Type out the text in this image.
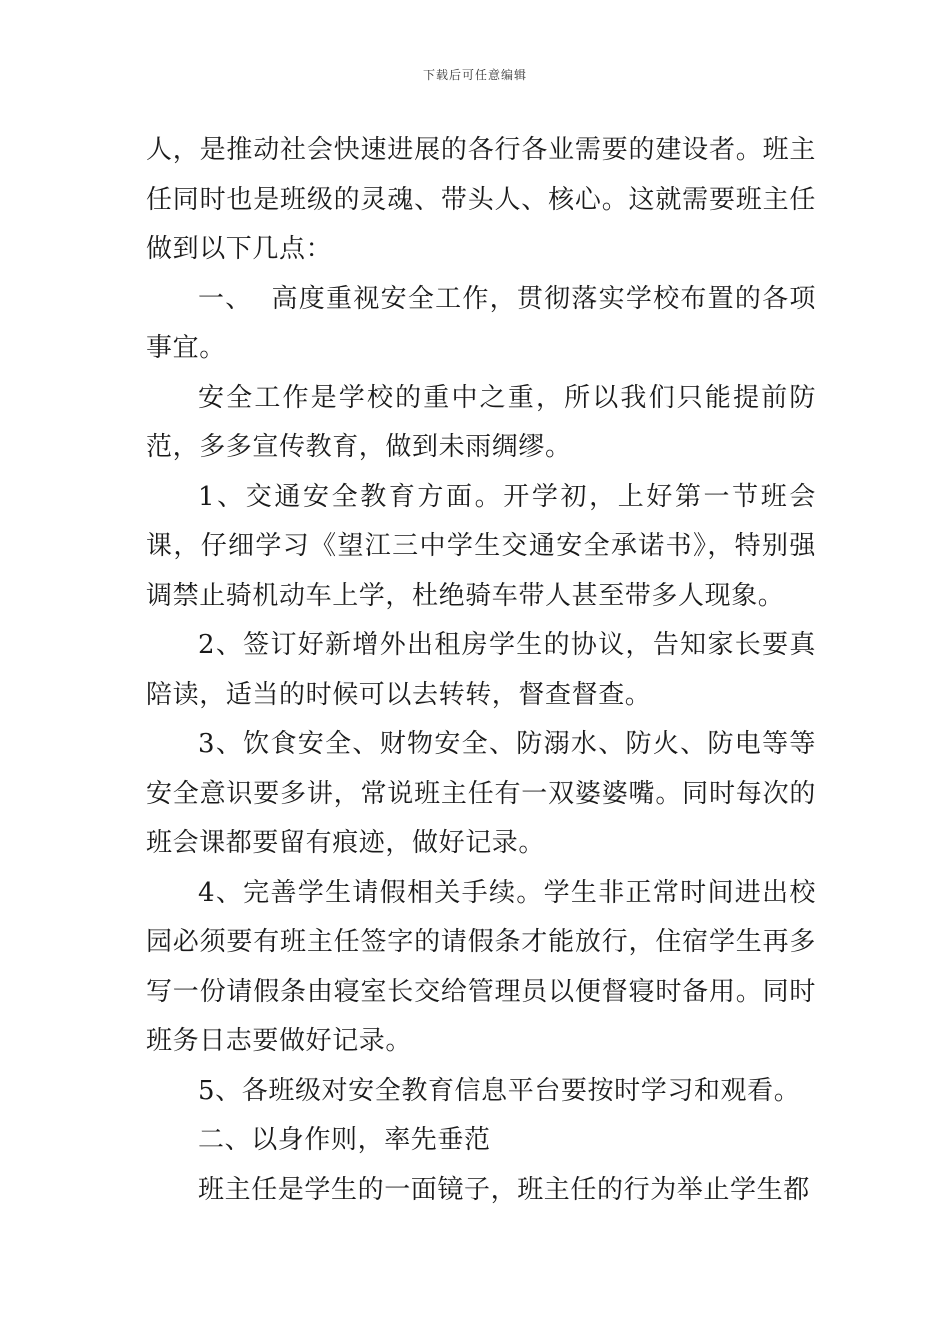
下载后可任意编辑

人，是推动社会快速进展的各行各业需要的建设者。班主任同时也是班级的灵魂、带头人、核心。这就需要班主任做到以下几点：

一、  高度重视安全工作，贯彻落实学校布置的各项事宜。

安全工作是学校的重中之重，所以我们只能提前防范，多多宣传教育，做到未雨绸缪。

1、交通安全教育方面。开学初，上好第一节班会课，仔细学习《望江三中学生交通安全承诺书》，特别强调禁止骑机动车上学，杜绝骑车带人甚至带多人现象。

2、签订好新增外出租房学生的协议，告知家长要真陪读，适当的时候可以去转转，督查督查。

3、饮食安全、财物安全、防溺水、防火、防电等等安全意识要多讲，常说班主任有一双婆婆嘴。同时每次的班会课都要留有痕迹，做好记录。

4、完善学生请假相关手续。学生非正常时间进出校园必须要有班主任签字的请假条才能放行，住宿学生再多写一份请假条由寝室长交给管理员以便督寝时备用。同时班务日志要做好记录。

5、各班级对安全教育信息平台要按时学习和观看。

二、以身作则，率先垂范

班主任是学生的一面镜子，班主任的行为举止学生都
